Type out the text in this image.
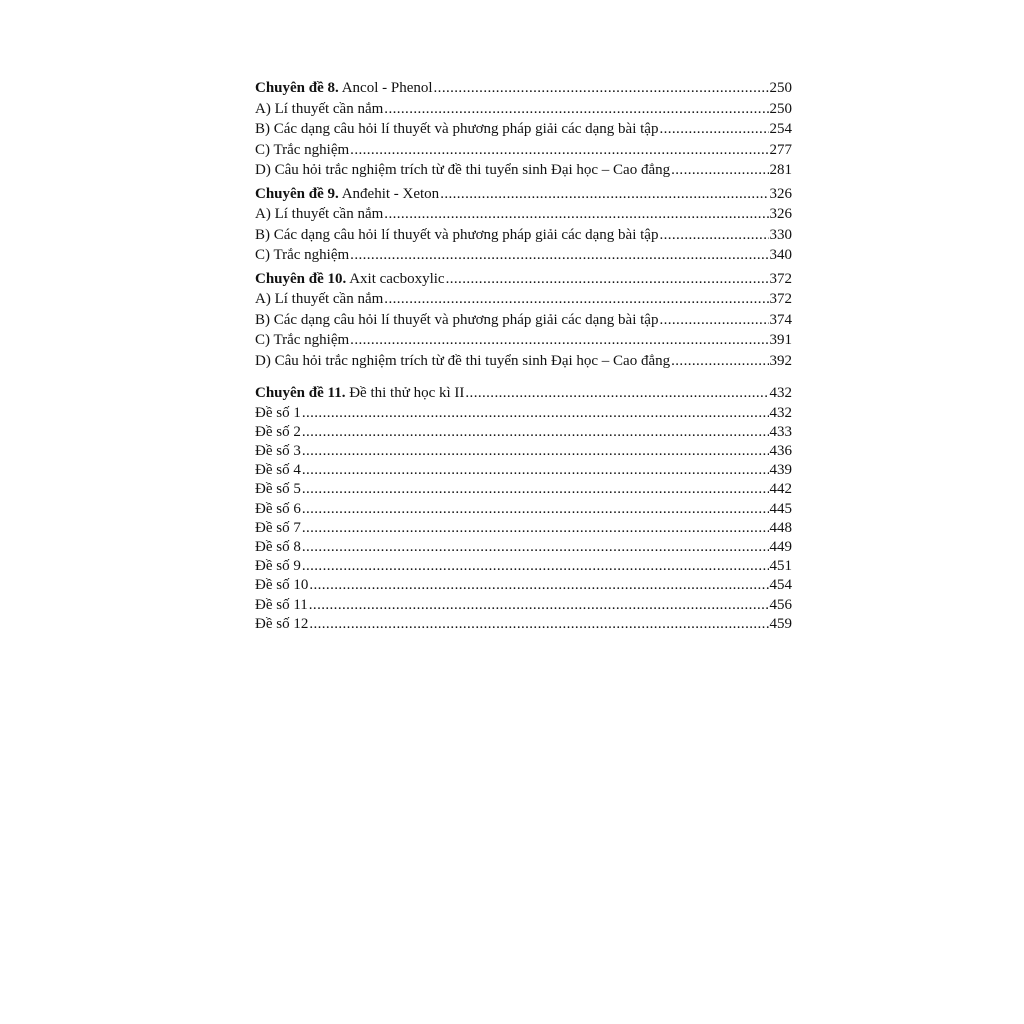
Chuyên đề 8. Ancol - Phenol .....	250
A) Lí thuyết cần nắm .....	250
B) Các dạng câu hỏi lí thuyết và phương pháp giải các dạng bài tập .....	254
C) Trắc nghiệm .....	277
D) Câu hỏi trắc nghiệm trích từ đề thi tuyển sinh Đại học – Cao đẳng .....	281
Chuyên đề 9. Anđehit - Xeton .....	326
A) Lí thuyết cần nắm .....	326
B) Các dạng câu hỏi lí thuyết và phương pháp giải các dạng bài tập .....	330
C) Trắc nghiệm .....	340
Chuyên đề 10. Axit cacboxylic .....	372
A) Lí thuyết cần nắm .....	372
B) Các dạng câu hỏi lí thuyết và phương pháp giải các dạng bài tập .....	374
C) Trắc nghiệm .....	391
D) Câu hỏi trắc nghiệm trích từ đề thi tuyển sinh Đại học – Cao đẳng .....	392
Chuyên đề 11. Đề thi thử học kì II .....	432
Đề số 1 .....	432
Đề số 2 .....	433
Đề số 3 .....	436
Đề số 4 .....	439
Đề số 5 .....	442
Đề số 6 .....	445
Đề số 7 .....	448
Đề số 8 .....	449
Đề số 9 .....	451
Đề số 10 .....	454
Đề số 11 .....	456
Đề số 12 .....	459
